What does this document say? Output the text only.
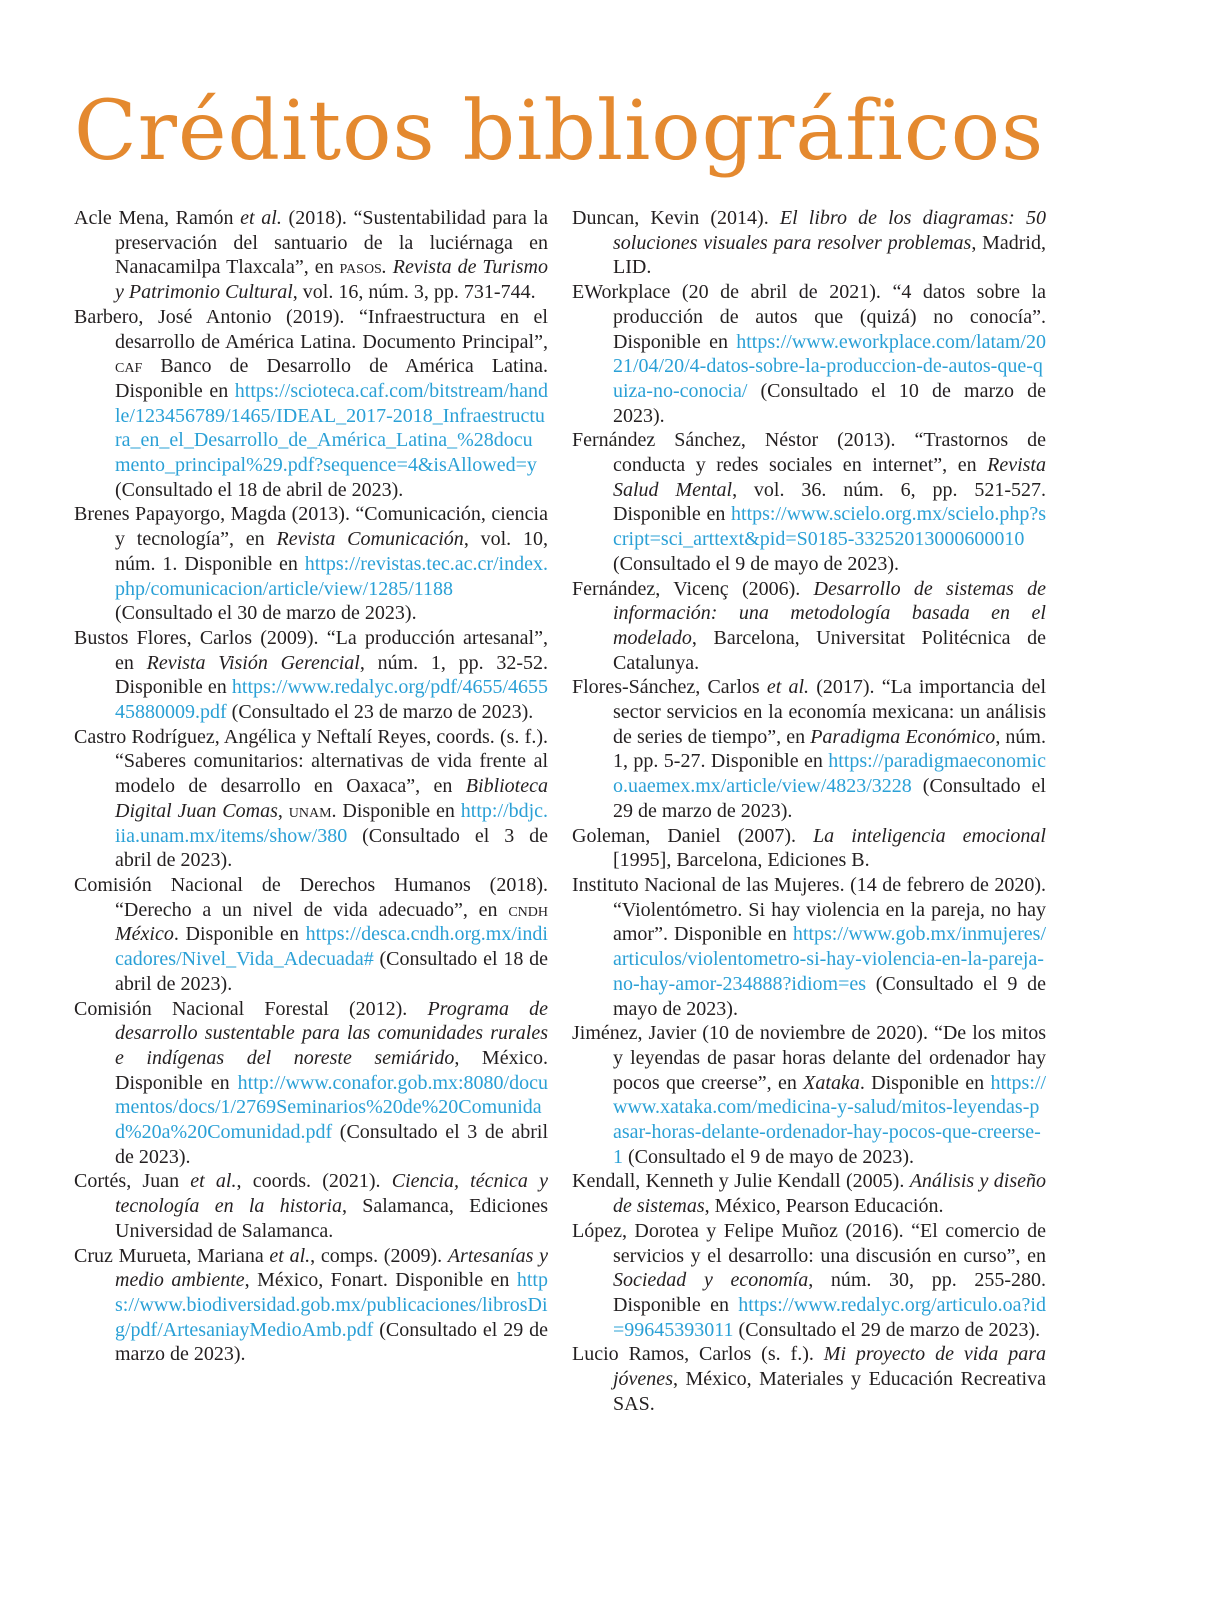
Créditos bibliográficos

Acle Mena, Ramón et al. (2018). “Sustentabilidad para la preservación del santuario de la luciérnaga en Nanacamilpa Tlaxcala”, en pasos. Revista de Turismo y Patrimonio Cultural, vol. 16, núm. 3, pp. 731-744.

Barbero, José Antonio (2019). “Infraestructura en el desarrollo de América Latina. Documento Principal”, caf Banco de Desarrollo de América Latina. Disponible en https://scioteca.caf.com/bitstream/handle/123456789/1465/IDEAL_2017-2018_Infraestructura_en_el_Desarrollo_de_América_Latina_%28documento_principal%29.pdf?sequence=4&isAllowed=y (Consultado el 18 de abril de 2023).

Brenes Papayorgo, Magda (2013). “Comunicación, ciencia y tecnología”, en Revista Comunicación, vol. 10, núm. 1. Disponible en https://revistas.tec.ac.cr/index.php/comunicacion/article/view/1285/1188 (Consultado el 30 de marzo de 2023).

Bustos Flores, Carlos (2009). “La producción artesanal”, en Revista Visión Gerencial, núm. 1, pp. 32-52. Disponible en https://www.redalyc.org/pdf/4655/465545880009.pdf (Consultado el 23 de marzo de 2023).

Castro Rodríguez, Angélica y Neftalí Reyes, coords. (s. f.). “Saberes comunitarios: alternativas de vida frente al modelo de desarrollo en Oaxaca”, en Biblioteca Digital Juan Comas, unam. Disponible en http://bdjc.iia.unam.mx/items/show/380 (Consultado el 3 de abril de 2023).

Comisión Nacional de Derechos Humanos (2018). “Derecho a un nivel de vida adecuado”, en cndh México. Disponible en https://desca.cndh.org.mx/indicadores/Nivel_Vida_Adecuada# (Consultado el 18 de abril de 2023).

Comisión Nacional Forestal (2012). Programa de desarrollo sustentable para las comunidades rurales e indígenas del noreste semiárido, México. Disponible en http://www.conafor.gob.mx:8080/documentos/docs/1/2769Seminarios%20de%20Comunidad%20a%20Comunidad.pdf (Consultado el 3 de abril de 2023).

Cortés, Juan et al., coords. (2021). Ciencia, técnica y tecnología en la historia, Salamanca, Ediciones Universidad de Salamanca.

Cruz Murueta, Mariana et al., comps. (2009). Artesanías y medio ambiente, México, Fonart. Disponible en https://www.biodiversidad.gob.mx/publicaciones/librosDig/pdf/ArtesaniayMedioAmb.pdf (Consultado el 29 de marzo de 2023).

Duncan, Kevin (2014). El libro de los diagramas: 50 soluciones visuales para resolver problemas, Madrid, LID.

EWorkplace (20 de abril de 2021). “4 datos sobre la producción de autos que (quizá) no conocía”. Disponible en https://www.eworkplace.com/latam/2021/04/20/4-datos-sobre-la-produccion-de-autos-que-quiza-no-conocia/ (Consultado el 10 de marzo de 2023).

Fernández Sánchez, Néstor (2013). “Trastornos de conducta y redes sociales en internet”, en Revista Salud Mental, vol. 36. núm. 6, pp. 521-527. Disponible en https://www.scielo.org.mx/scielo.php?script=sci_arttext&pid=S0185-33252013000600010 (Consultado el 9 de mayo de 2023).

Fernández, Vicenç (2006). Desarrollo de sistemas de información: una metodología basada en el modelado, Barcelona, Universitat Politécnica de Catalunya.

Flores-Sánchez, Carlos et al. (2017). “La importancia del sector servicios en la economía mexicana: un análisis de series de tiempo”, en Paradigma Económico, núm. 1, pp. 5-27. Disponible en https://paradigmaeconomico.uaemex.mx/article/view/4823/3228 (Consultado el 29 de marzo de 2023).

Goleman, Daniel (2007). La inteligencia emocional [1995], Barcelona, Ediciones B.

Instituto Nacional de las Mujeres. (14 de febrero de 2020). “Violentómetro. Si hay violencia en la pareja, no hay amor”. Disponible en https://www.gob.mx/inmujeres/articulos/violentometro-si-hay-violencia-en-la-pareja-no-hay-amor-234888?idiom=es (Consultado el 9 de mayo de 2023).

Jiménez, Javier (10 de noviembre de 2020). “De los mitos y leyendas de pasar horas delante del ordenador hay pocos que creerse”, en Xataka. Disponible en https://www.xataka.com/medicina-y-salud/mitos-leyendas-pasar-horas-delante-ordenador-hay-pocos-que-creerse-1 (Consultado el 9 de mayo de 2023).

Kendall, Kenneth y Julie Kendall (2005). Análisis y diseño de sistemas, México, Pearson Educación.

López, Dorotea y Felipe Muñoz (2016). “El comercio de servicios y el desarrollo: una discusión en curso”, en Sociedad y economía, núm. 30, pp. 255-280. Disponible en https://www.redalyc.org/articulo.oa?id=99645393011 (Consultado el 29 de marzo de 2023).

Lucio Ramos, Carlos (s. f.). Mi proyecto de vida para jóvenes, México, Materiales y Educación Recreativa SAS.
